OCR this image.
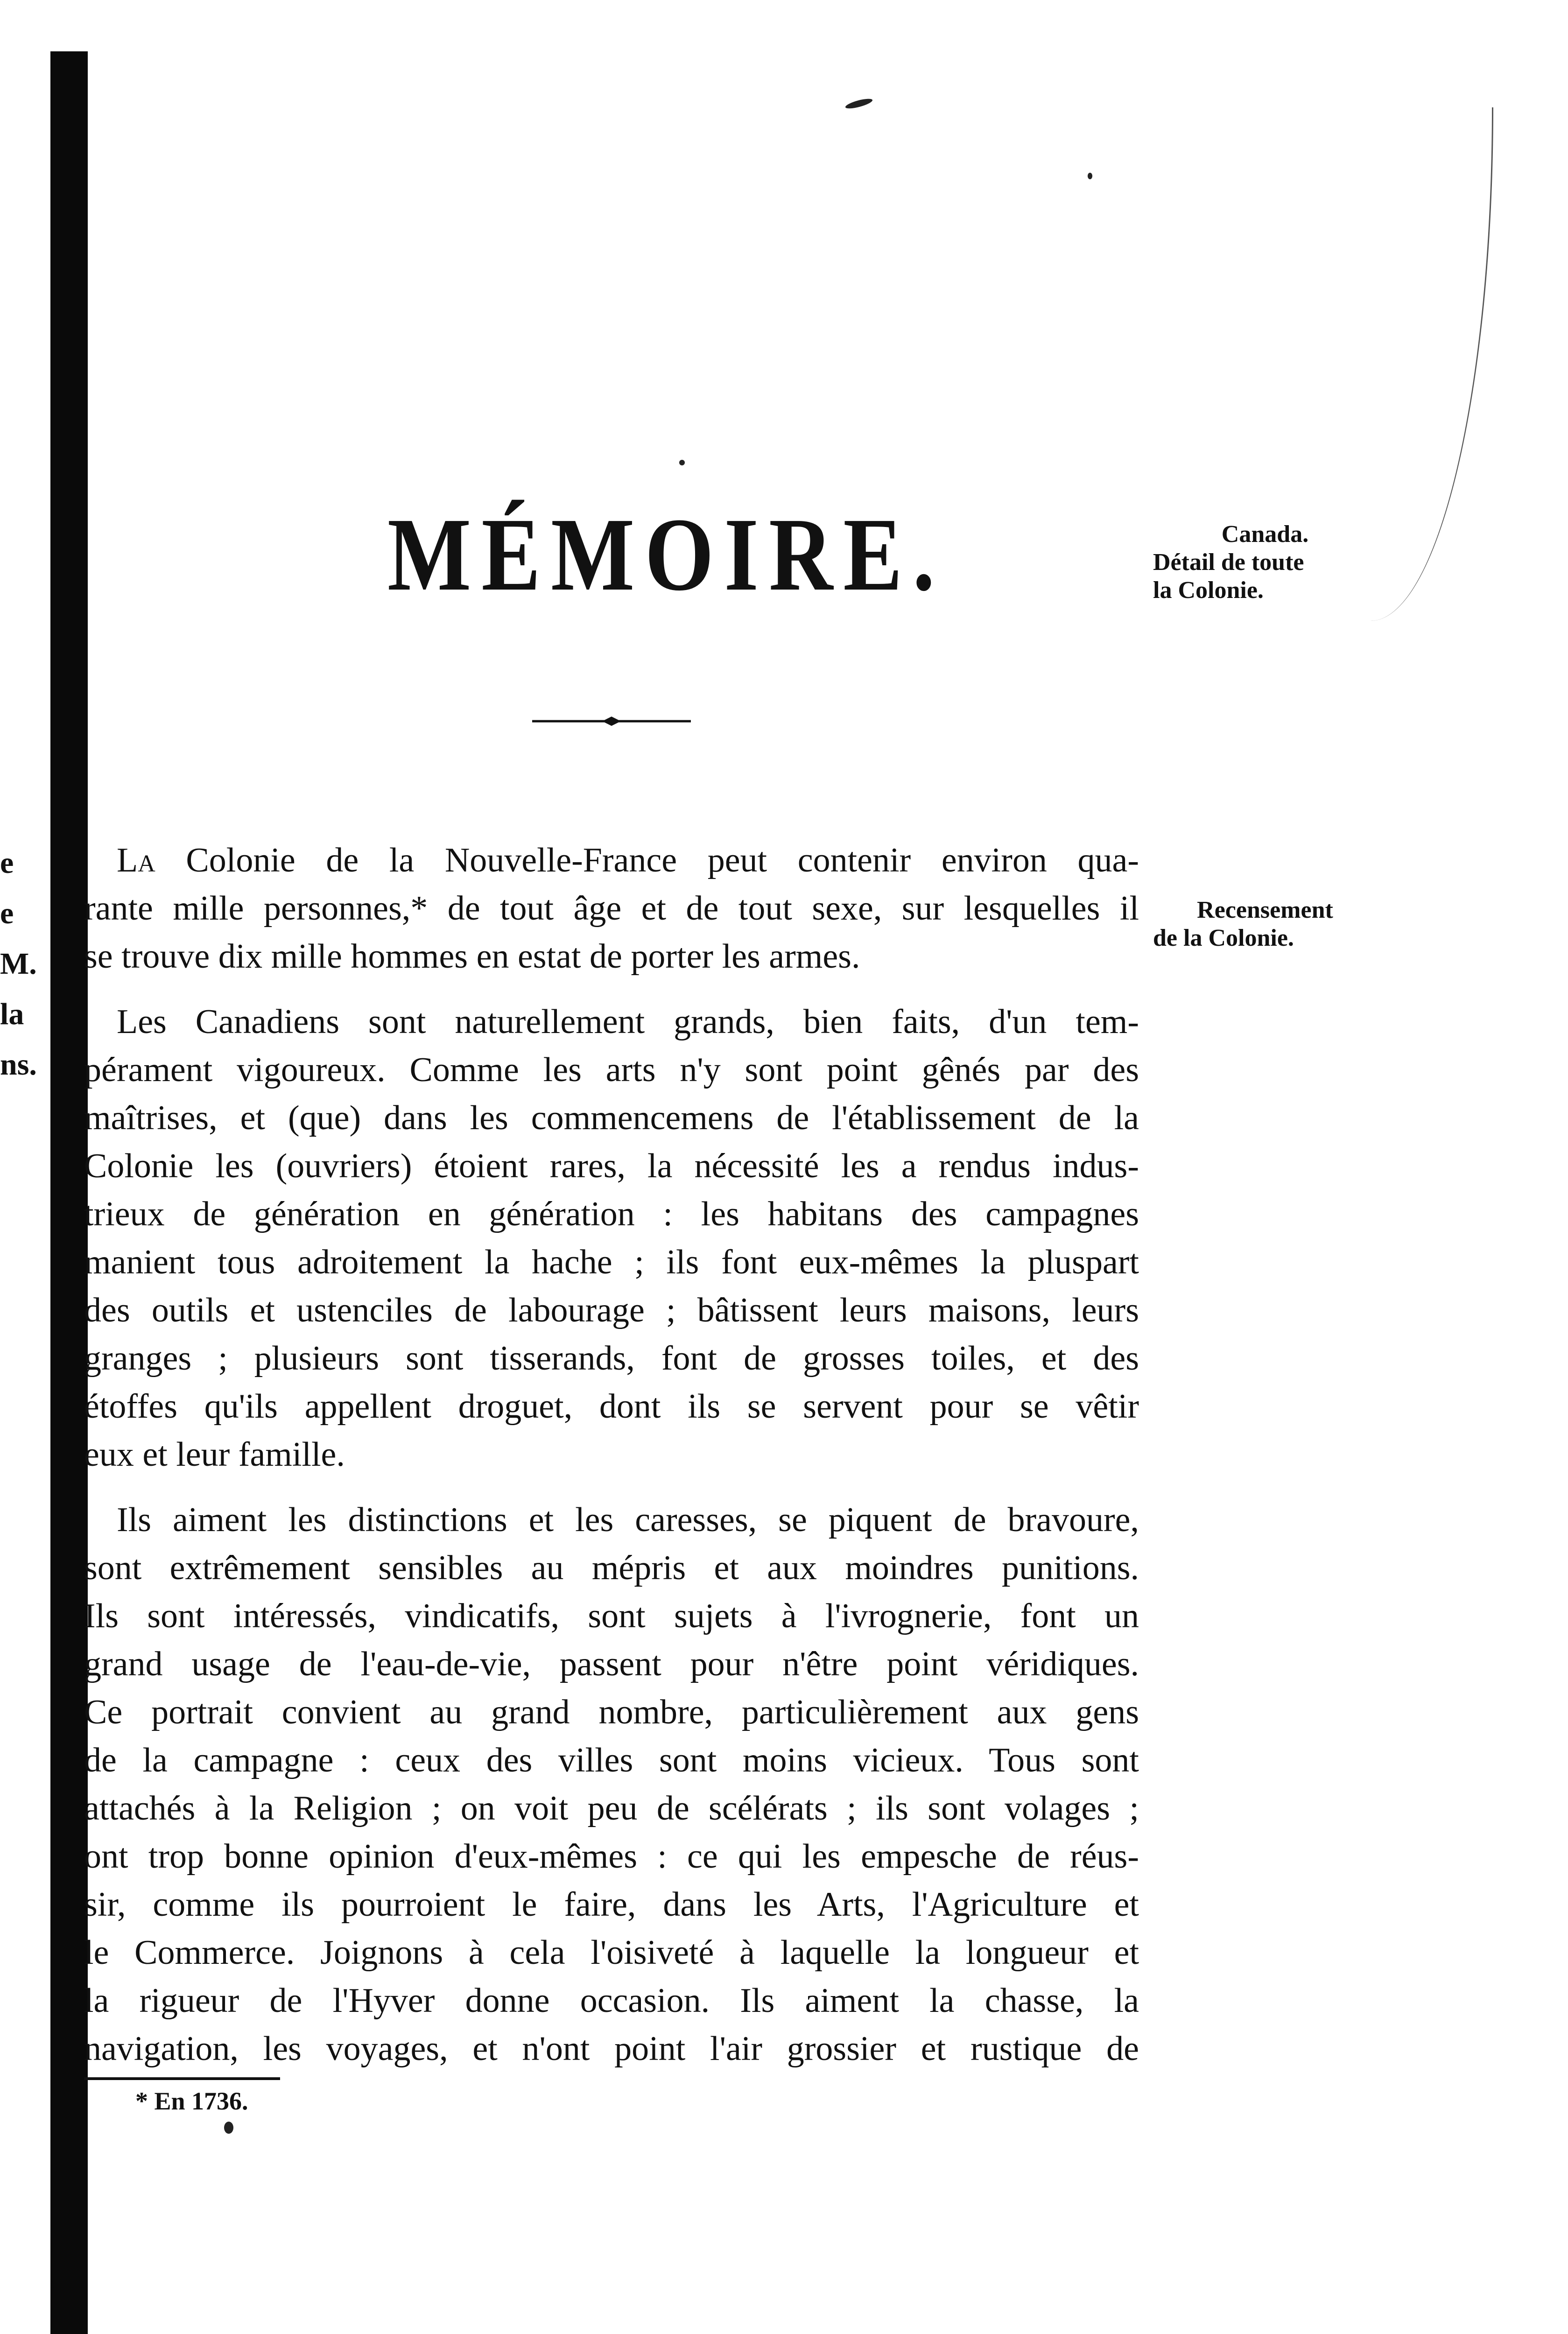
e
e
M.
la
ns.
MÉMOIRE.	Canada.
Détail de toute
la Colonie.
Recensement
de la Colonie.
La Colonie de la Nouvelle-France peut contenir environ qua-
rante mille personnes,* de tout âge et de tout sexe, sur lesquelles il
se trouve dix mille hommes en estat de porter les armes.
Les Canadiens sont naturellement grands, bien faits, d'un tem-
pérament vigoureux. Comme les arts n'y sont point gênés par des
maîtrises, et (que) dans les commencemens de l'établissement de la
Colonie les (ouvriers) étoient rares, la nécessité les a rendus indus-
trieux de génération en génération : les habitans des campagnes
manient tous adroitement la hache ; ils font eux-mêmes la pluspart
des outils et ustenciles de labourage ; bâtissent leurs maisons, leurs
granges ; plusieurs sont tisserands, font de grosses toiles, et des
étoffes qu'ils appellent droguet, dont ils se servent pour se vêtir
eux et leur famille.
Ils aiment les distinctions et les caresses, se piquent de bravoure,
sont extrêmement sensibles au mépris et aux moindres punitions.
Ils sont intéressés, vindicatifs, sont sujets à l'ivrognerie, font un
grand usage de l'eau-de-vie, passent pour n'être point véridiques.
Ce portrait convient au grand nombre, particulièrement aux gens
de la campagne : ceux des villes sont moins vicieux. Tous sont
attachés à la Religion ; on voit peu de scélérats ; ils sont volages ;
ont trop bonne opinion d'eux-mêmes : ce qui les empesche de réus-
sir, comme ils pourroient le faire, dans les Arts, l'Agriculture et
le Commerce. Joignons à cela l'oisiveté à laquelle la longueur et
la rigueur de l'Hyver donne occasion. Ils aiment la chasse, la
navigation, les voyages, et n'ont point l'air grossier et rustique de
* En 1736.
